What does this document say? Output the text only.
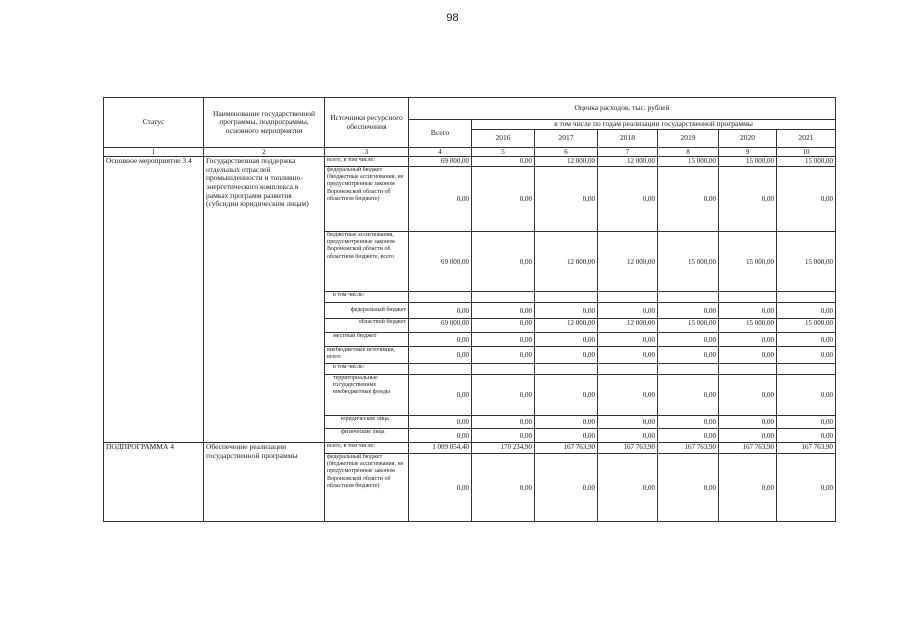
98
Статус	Наименование государственной программы, подпрограммы, основного мероприятия	Источники ресурсного обеспечения	Оценка расходов, тыс. рублей						
			Всего	в том числе по годам реализации государственной программы					
				2016	2017	2018	2019	2020	2021
1	2	3	4	5	6	7	8	9	10
Основное мероприятие 3.4	Государственная поддержка отдельных отраслей промышленности и топливно-энергетического комплекса в рамках программ развития (субсидии юридическим лицам)	всего, в том числе:	69 000,00	0,00	12 000,00	12 000,00	15 000,00	15 000,00	15 000,00
		федеральный бюджет (бюджетные ассигнования, не предусмотренные законом Воронежской области об областном бюджете)	0,00	0,00	0,00	0,00	0,00	0,00	0,00
		бюджетные ассигнования, предусмотренные законом Воронежской области об областном бюджете, всего	69 000,00	0,00	12 000,00	12 000,00	15 000,00	15 000,00	15 000,00
		в том числе:							
		федеральный бюджет	0,00	0,00	0,00	0,00	0,00	0,00	0,00
		областной бюджет	69 000,00	0,00	12 000,00	12 000,00	15 000,00	15 000,00	15 000,00
		местный бюджет	0,00	0,00	0,00	0,00	0,00	0,00	0,00
		внебюджетные источники, всего	0,00	0,00	0,00	0,00	0,00	0,00	0,00
		в том числе:							
		территориальные государственные внебюджетные фонды	0,00	0,00	0,00	0,00	0,00	0,00	0,00
		юридические лица	0,00	0,00	0,00	0,00	0,00	0,00	0,00
		физические лица	0,00	0,00	0,00	0,00	0,00	0,00	0,00
ПОДПРОГРАММА 4	Обеспечение реализации государственной программы	всего, в том числе:	1 009 054,40	170 234,90	167 763,90	167 763,90	167 763,90	167 763,90	167 763,90
		федеральный бюджет (бюджетные ассигнования, не предусмотренные законом Воронежской области об областном бюджете)	0,00	0,00	0,00	0,00	0,00	0,00	0,00
